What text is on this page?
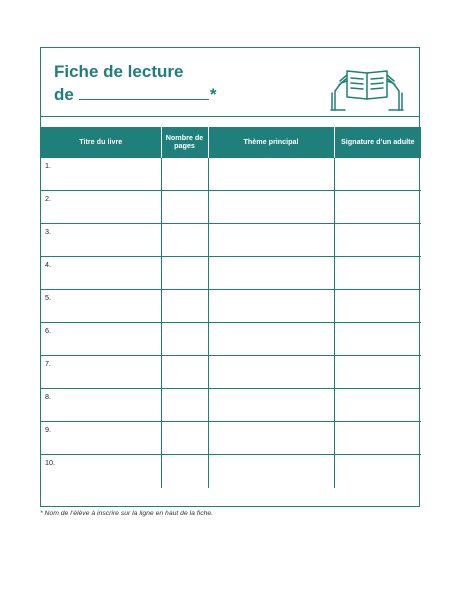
Fiche de lecture
de	*
Titre du livre	Nombre de pages	Thème principal	Signature d’un adulte
1.			
2.			
3.			
4.			
5.			
6.			
7.			
8.			
9.			
10.			
* Nom de l’élève à inscrire sur la ligne en haut de la fiche.
